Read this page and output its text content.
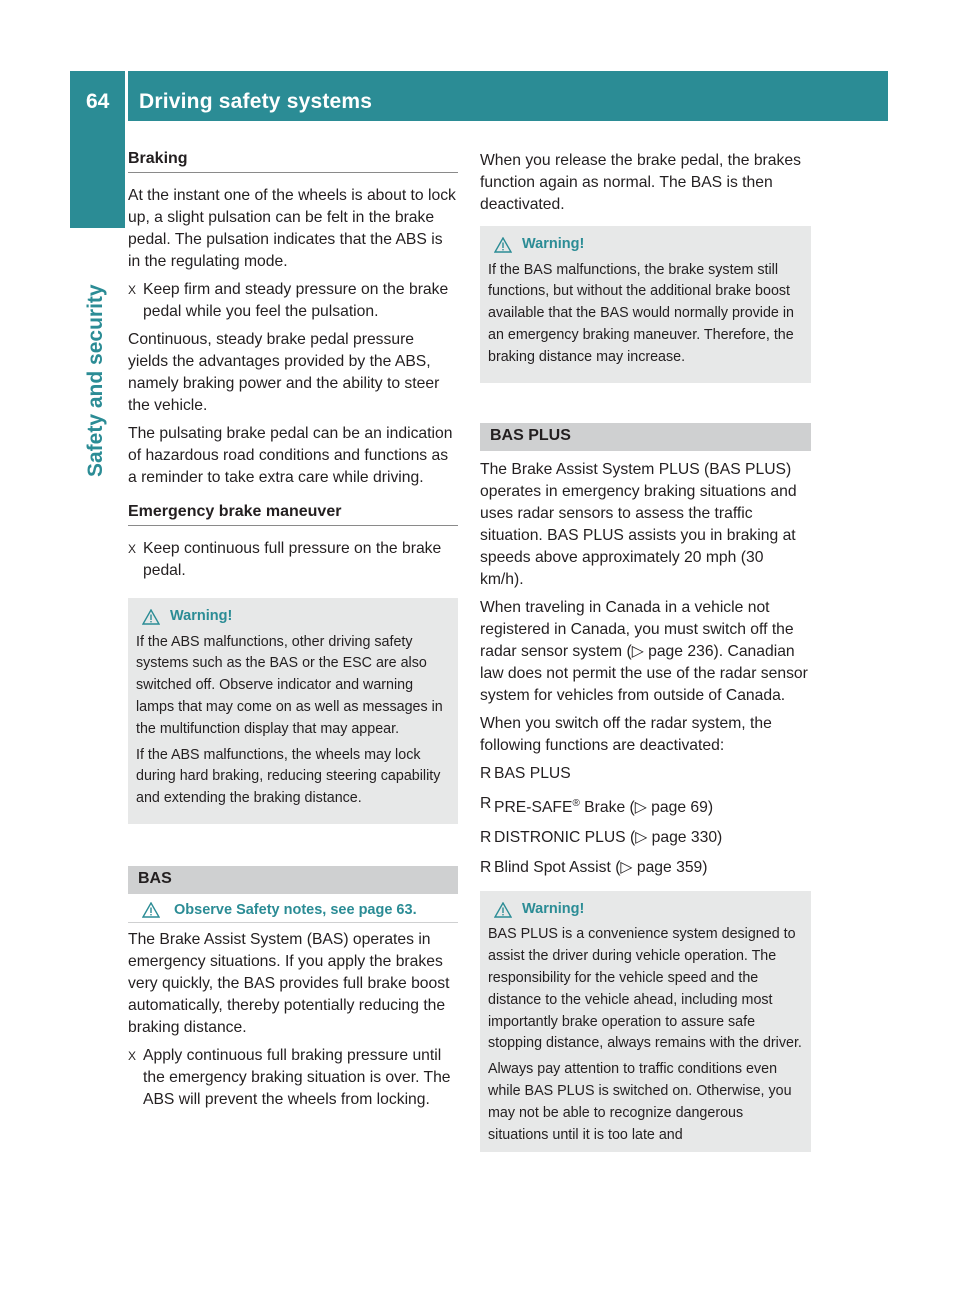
64 Driving safety systems
Safety and security
Braking

At the instant one of the wheels is about to lock up, a slight pulsation can be felt in the brake pedal. The pulsation indicates that the ABS is in the regulating mode.

X Keep firm and steady pressure on the brake pedal while you feel the pulsation.

Continuous, steady brake pedal pressure yields the advantages provided by the ABS, namely braking power and the ability to steer the vehicle.

The pulsating brake pedal can be an indication of hazardous road conditions and functions as a reminder to take extra care while driving.

Emergency brake maneuver
X Keep continuous full pressure on the brake pedal.
Warning!

If the ABS malfunctions, other driving safety systems such as the BAS or the ESC are also switched off. Observe indicator and warning lamps that may come on as well as messages in the multifunction display that may appear.

If the ABS malfunctions, the wheels may lock during hard braking, reducing steering capability and extending the braking distance.

BAS
Observe Safety notes, see page 63.

The Brake Assist System (BAS) operates in emergency situations. If you apply the brakes very quickly, the BAS provides full brake boost automatically, thereby potentially reducing the braking distance.

X Apply continuous full braking pressure until the emergency braking situation is over. The ABS will prevent the wheels from locking.

When you release the brake pedal, the brakes function again as normal. The BAS is then deactivated.

Warning!

If the BAS malfunctions, the brake system still functions, but without the additional brake boost available that the BAS would normally provide in an emergency braking maneuver. Therefore, the braking distance may increase.

BAS PLUS

The Brake Assist System PLUS (BAS PLUS) operates in emergency braking situations and uses radar sensors to assess the traffic situation. BAS PLUS assists you in braking at speeds above approximately 20 mph (30 km/h).

When traveling in Canada in a vehicle not registered in Canada, you must switch off the radar sensor system (▷ page 236). Canadian law does not permit the use of the radar sensor system for vehicles from outside of Canada.

When you switch off the radar system, the following functions are deactivated:

R BAS PLUS
R PRE-SAFE® Brake (▷ page 69)
R DISTRONIC PLUS (▷ page 330)
R Blind Spot Assist (▷ page 359)
Warning!

BAS PLUS is a convenience system designed to assist the driver during vehicle operation. The responsibility for the vehicle speed and the distance to the vehicle ahead, including most importantly brake operation to assure safe stopping distance, always remains with the driver.

Always pay attention to traffic conditions even while BAS PLUS is switched on. Otherwise, you may not be able to recognize dangerous situations until it is too late and
